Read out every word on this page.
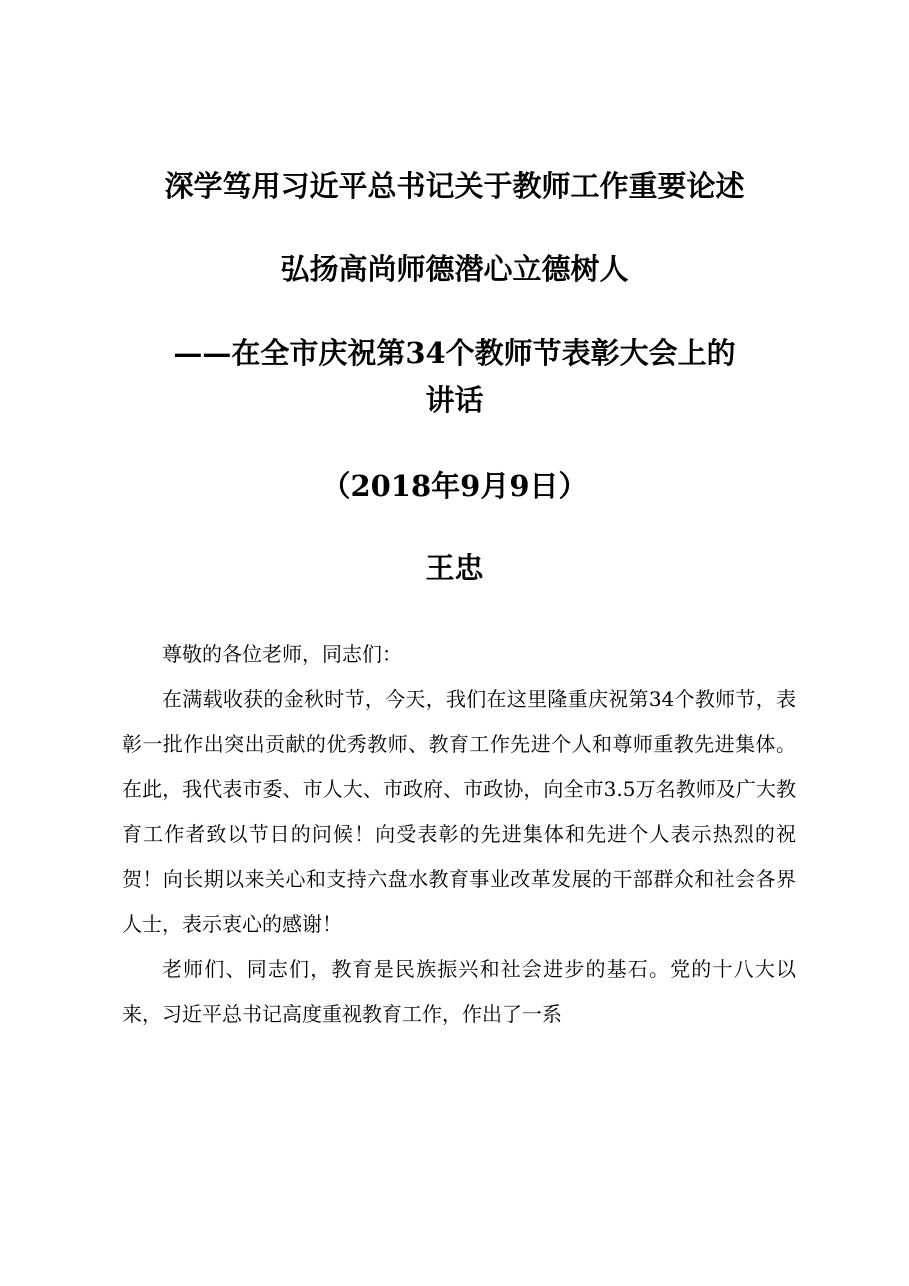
深学笃用习近平总书记关于教师工作重要论述
弘扬高尚师德潜心立德树人
——在全市庆祝第34个教师节表彰大会上的
讲话
（2018年9月9日）
王忠

尊敬的各位老师，同志们：

在满载收获的金秋时节，今天，我们在这里隆重庆祝第34个教师节，表彰一批作出突出贡献的优秀教师、教育工作先进个人和尊师重教先进集体。在此，我代表市委、市人大、市政府、市政协，向全市3.5万名教师及广大教育工作者致以节日的问候！向受表彰的先进集体和先进个人表示热烈的祝贺！向长期以来关心和支持六盘水教育事业改革发展的干部群众和社会各界人士，表示衷心的感谢！

老师们、同志们，教育是民族振兴和社会进步的基石。党的十八大以来，习近平总书记高度重视教育工作，作出了一系
